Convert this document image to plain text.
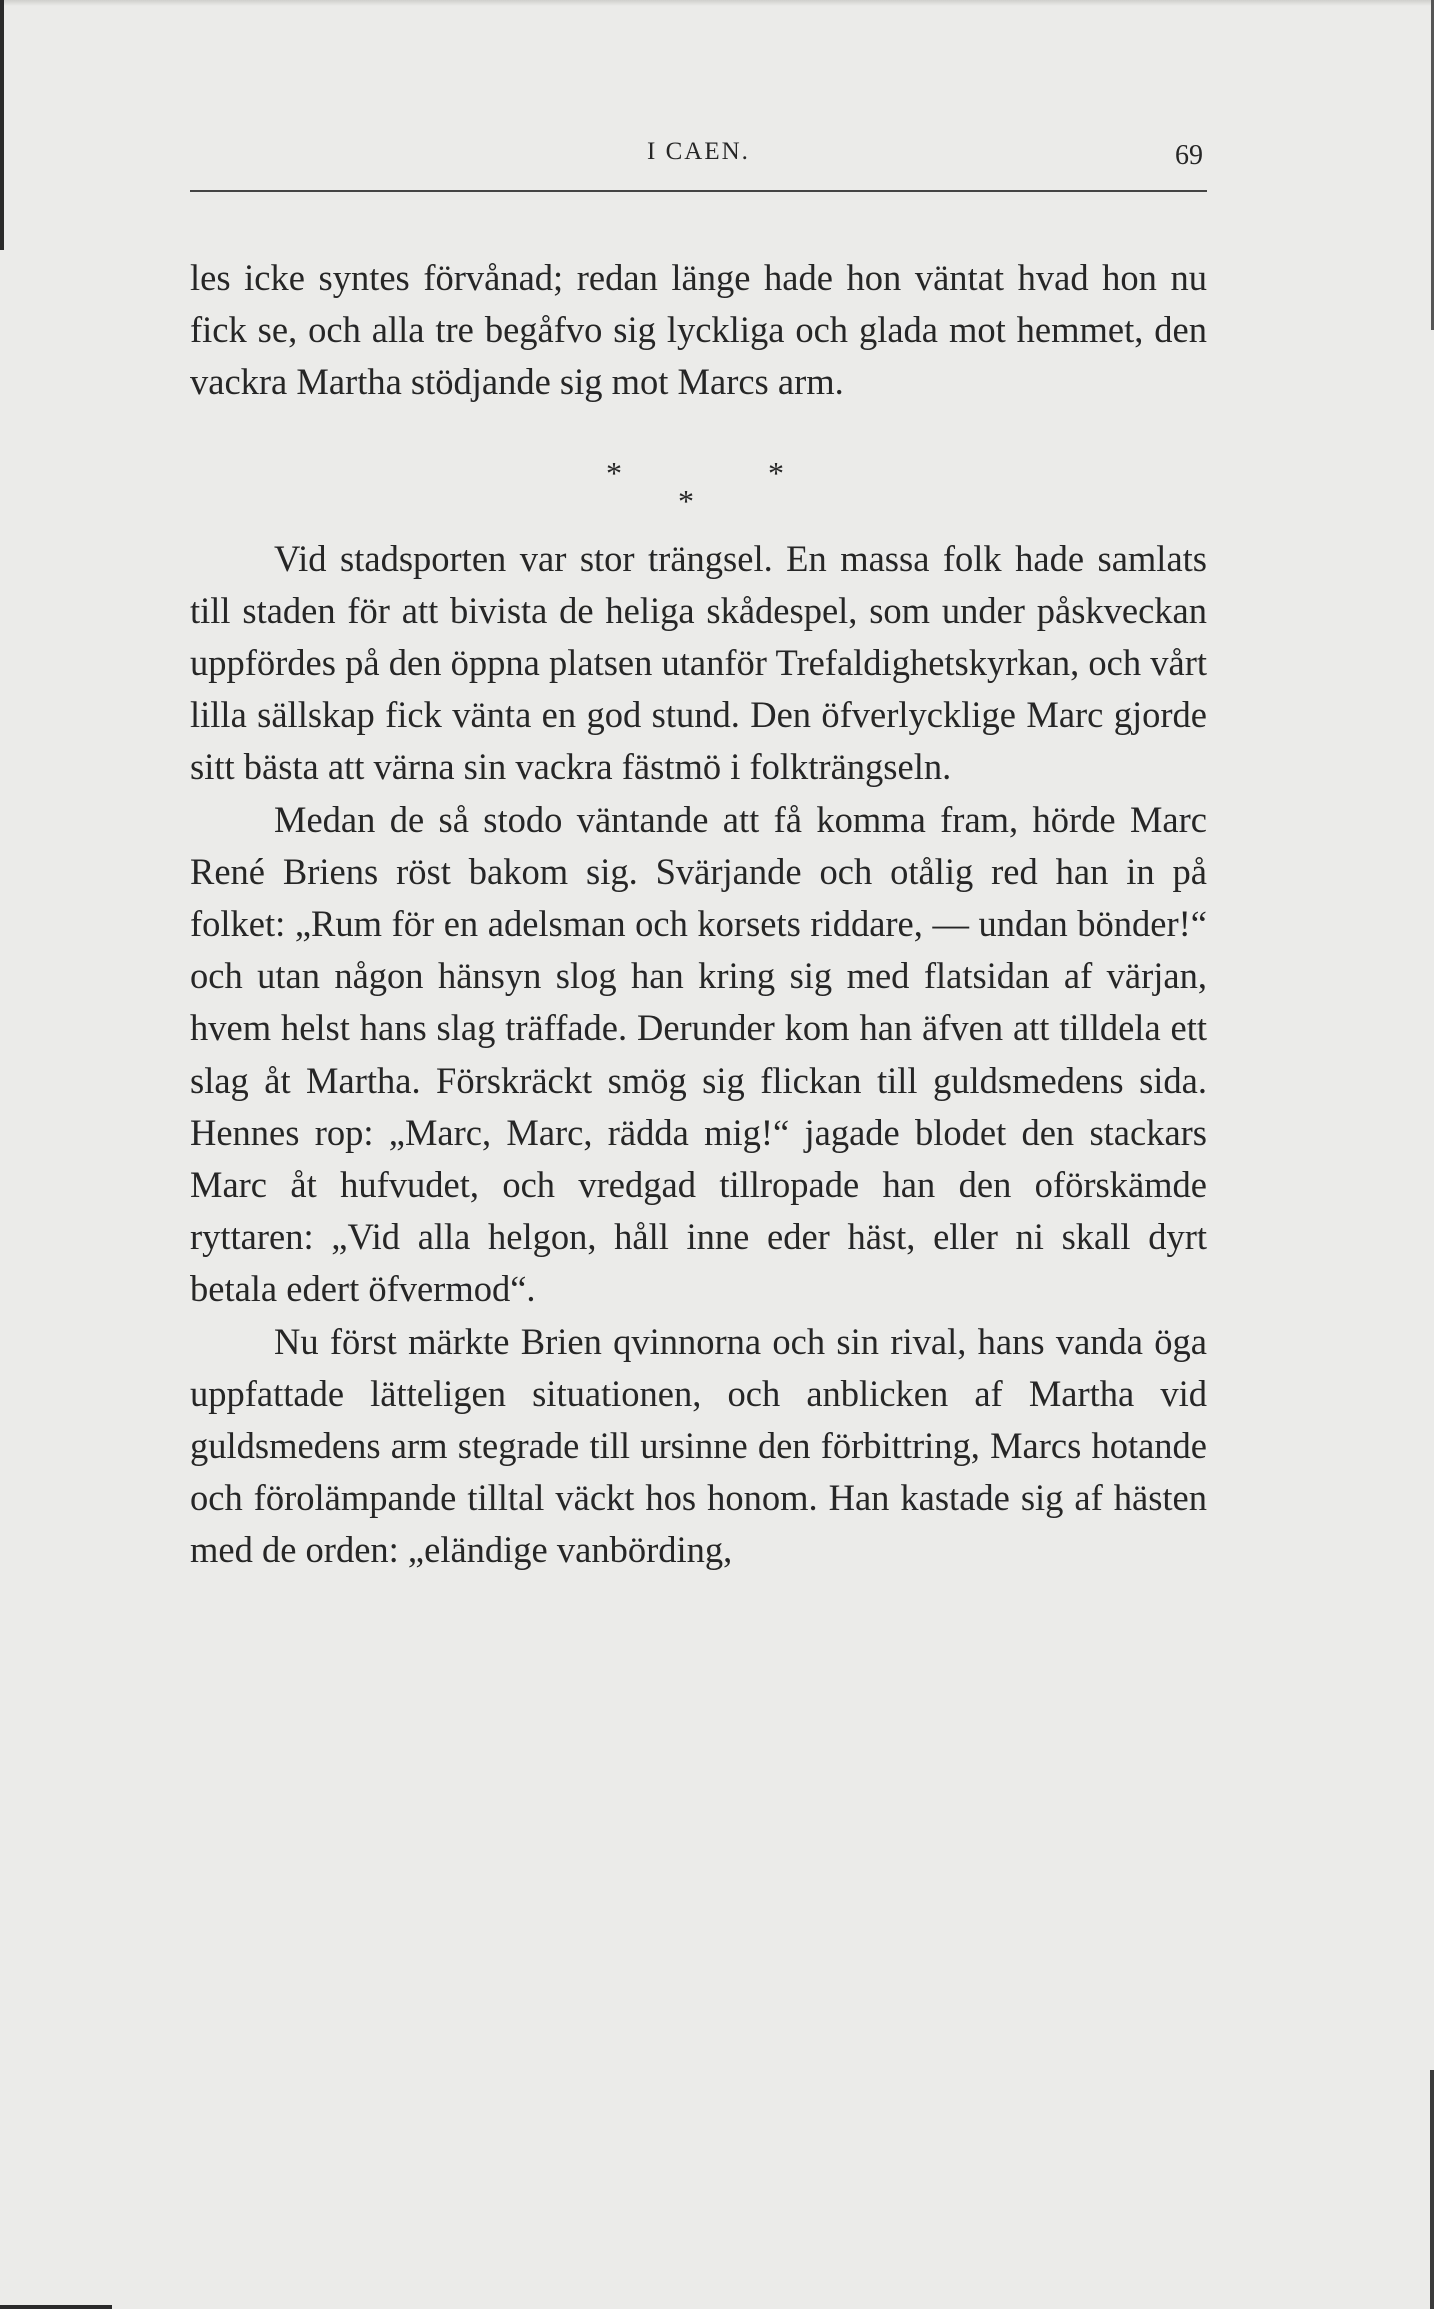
I CAEN.	69

les icke syntes förvånad; redan länge hade hon väntat hvad hon nu fick se, och alla tre begåfvo sig lyckliga och glada mot hemmet, den vackra Martha stödjande sig mot Marcs arm.

*
*
*

Vid stadsporten var stor trängsel. En massa folk hade samlats till staden för att bivista de heliga skådespel, som under påskveckan uppfördes på den öppna platsen utanför Trefaldighetskyrkan, och vårt lilla sällskap fick vänta en god stund. Den öfverlycklige Marc gjorde sitt bästa att värna sin vackra fästmö i folkträngseln.

Medan de så stodo väntande att få komma fram, hörde Marc René Briens röst bakom sig. Svärjande och otålig red han in på folket: „Rum för en adelsman och korsets riddare, — undan bönder!“ och utan någon hänsyn slog han kring sig med flatsidan af värjan, hvem helst hans slag träffade. Derunder kom han äfven att tilldela ett slag åt Martha. Förskräckt smög sig flickan till guldsmedens sida. Hennes rop: „Marc, Marc, rädda mig!“ jagade blodet den stackars Marc åt hufvudet, och vredgad tillropade han den oförskämde ryttaren: „Vid alla helgon, håll inne eder häst, eller ni skall dyrt betala edert öfvermod“.

Nu först märkte Brien qvinnorna och sin rival, hans vanda öga uppfattade lätteligen situationen, och anblicken af Martha vid guldsmedens arm stegrade till ursinne den förbittring, Marcs hotande och förolämpande tilltal väckt hos honom. Han kastade sig af hästen med de orden: „eländige vanbörding,
